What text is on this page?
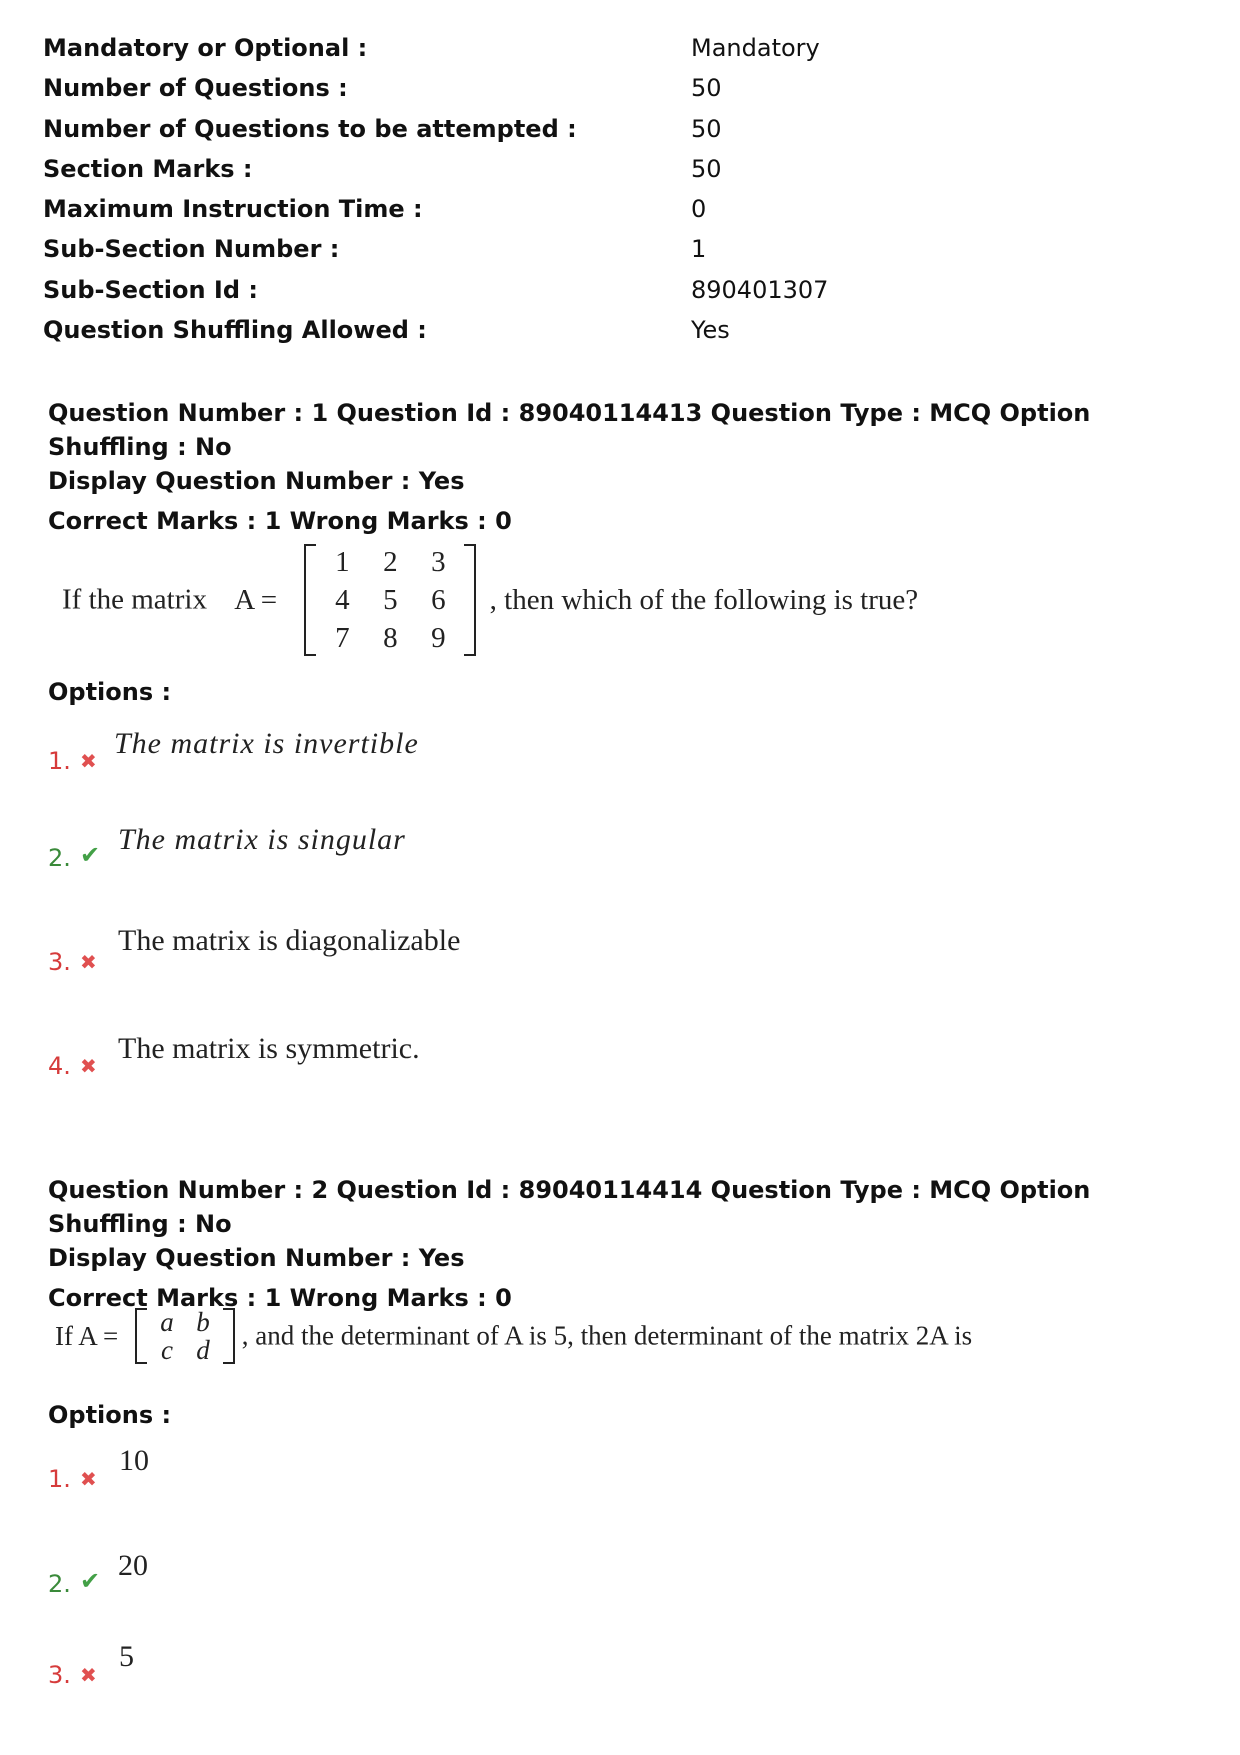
Mandatory or Optional :	Mandatory
Number of Questions :	50
Number of Questions to be attempted :	50
Section Marks :	50
Maximum Instruction Time :	0
Sub-Section Number :	1
Sub-Section Id :	890401307
Question Shuffling Allowed :	Yes
Question Number : 1 Question Id : 89040114413 Question Type : MCQ Option Shuffling : No
Display Question Number : Yes
Correct Marks : 1 Wrong Marks : 0
If the matrix A =
1	2	3
4	5	6
7	8	9
, then which of the following is true?
Options :
1. ✖
The matrix is invertible
2. ✔ The matrix is singular
3. ✖
The matrix is diagonalizable
4. ✖
The matrix is symmetric.
Question Number : 2 Question Id : 89040114414 Question Type : MCQ Option Shuffling : No
Display Question Number : Yes
Correct Marks : 1 Wrong Marks : 0
If A =	a b
c d	, and the determinant of A is 5, then determinant of the matrix 2A is
Options :
1. ✖
10
2. ✔ 20
3. ✖
5
